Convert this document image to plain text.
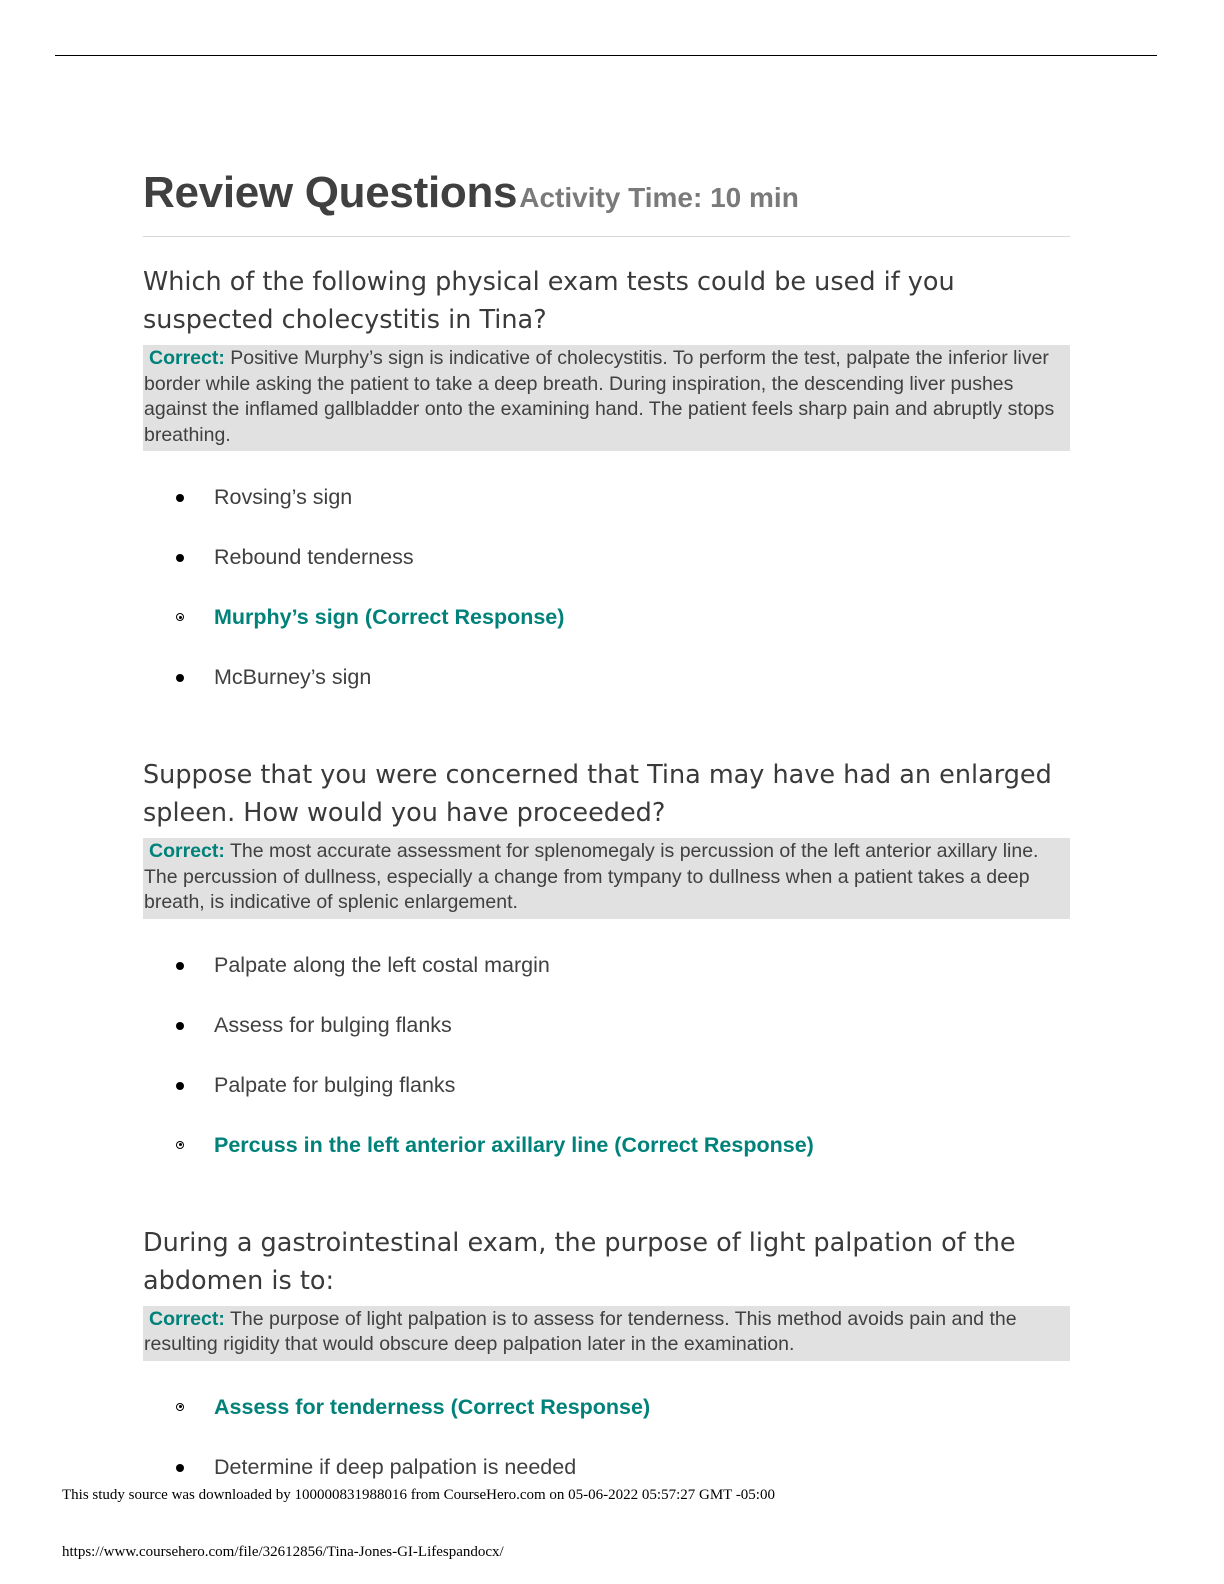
Review Questions Activity Time: 10 min

Which of the following physical exam tests could be used if you suspected cholecystitis in Tina?

Correct: Positive Murphy’s sign is indicative of cholecystitis. To perform the test, palpate the inferior liver border while asking the patient to take a deep breath. During inspiration, the descending liver pushes against the inflamed gallbladder onto the examining hand. The patient feels sharp pain and abruptly stops breathing.
Rovsing’s sign
Rebound tenderness
Murphy’s sign (Correct Response)
McBurney’s sign

Suppose that you were concerned that Tina may have had an enlarged spleen. How would you have proceeded?

Correct: The most accurate assessment for splenomegaly is percussion of the left anterior axillary line. The percussion of dullness, especially a change from tympany to dullness when a patient takes a deep breath, is indicative of splenic enlargement.
Palpate along the left costal margin
Assess for bulging flanks
Palpate for bulging flanks
Percuss in the left anterior axillary line (Correct Response)

During a gastrointestinal exam, the purpose of light palpation of the abdomen is to:

Correct: The purpose of light palpation is to assess for tenderness. This method avoids pain and the resulting rigidity that would obscure deep palpation later in the examination.
Assess for tenderness (Correct Response)
Determine if deep palpation is needed
This study source was downloaded by 100000831988016 from CourseHero.com on 05-06-2022 05:57:27 GMT -05:00
https://www.coursehero.com/file/32612856/Tina-Jones-GI-Lifespandocx/
